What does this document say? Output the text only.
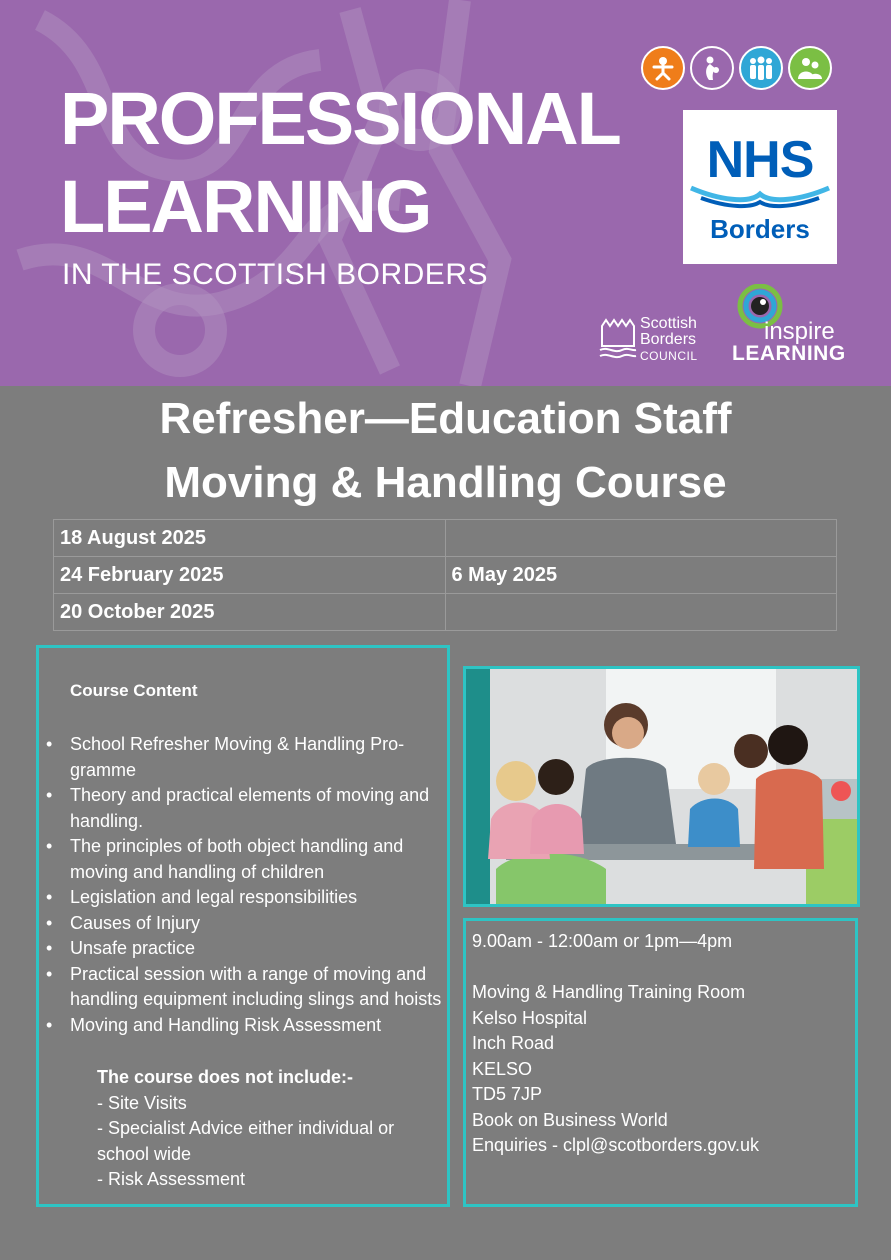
PROFESSIONAL
LEARNING
IN THE SCOTTISH BORDERS
NHS
Borders
Scottish
Borders
COUNCIL
inspire
LEARNING
Refresher—Education Staff
Moving & Handling Course
18 August 2025	
24 February 2025	6 May 2025
20 October 2025	
Course Content
• School Refresher Moving & Handling Pro-gramme
• Theory and practical elements of moving and handling.
• The principles of both object handling and moving and handling of children
• Legislation and legal responsibilities
• Causes of Injury
• Unsafe practice
• Practical session with a range of moving and handling equipment including slings and hoists
• Moving and Handling Risk Assessment
The course does not include:-
- Site Visits
- Specialist Advice either individual or school wide
- Risk Assessment
9.00am - 12:00am or 1pm—4pm
Moving & Handling Training Room
Kelso Hospital
Inch Road
KELSO
TD5 7JP
Book on Business World
Enquiries - clpl@scotborders.gov.uk
